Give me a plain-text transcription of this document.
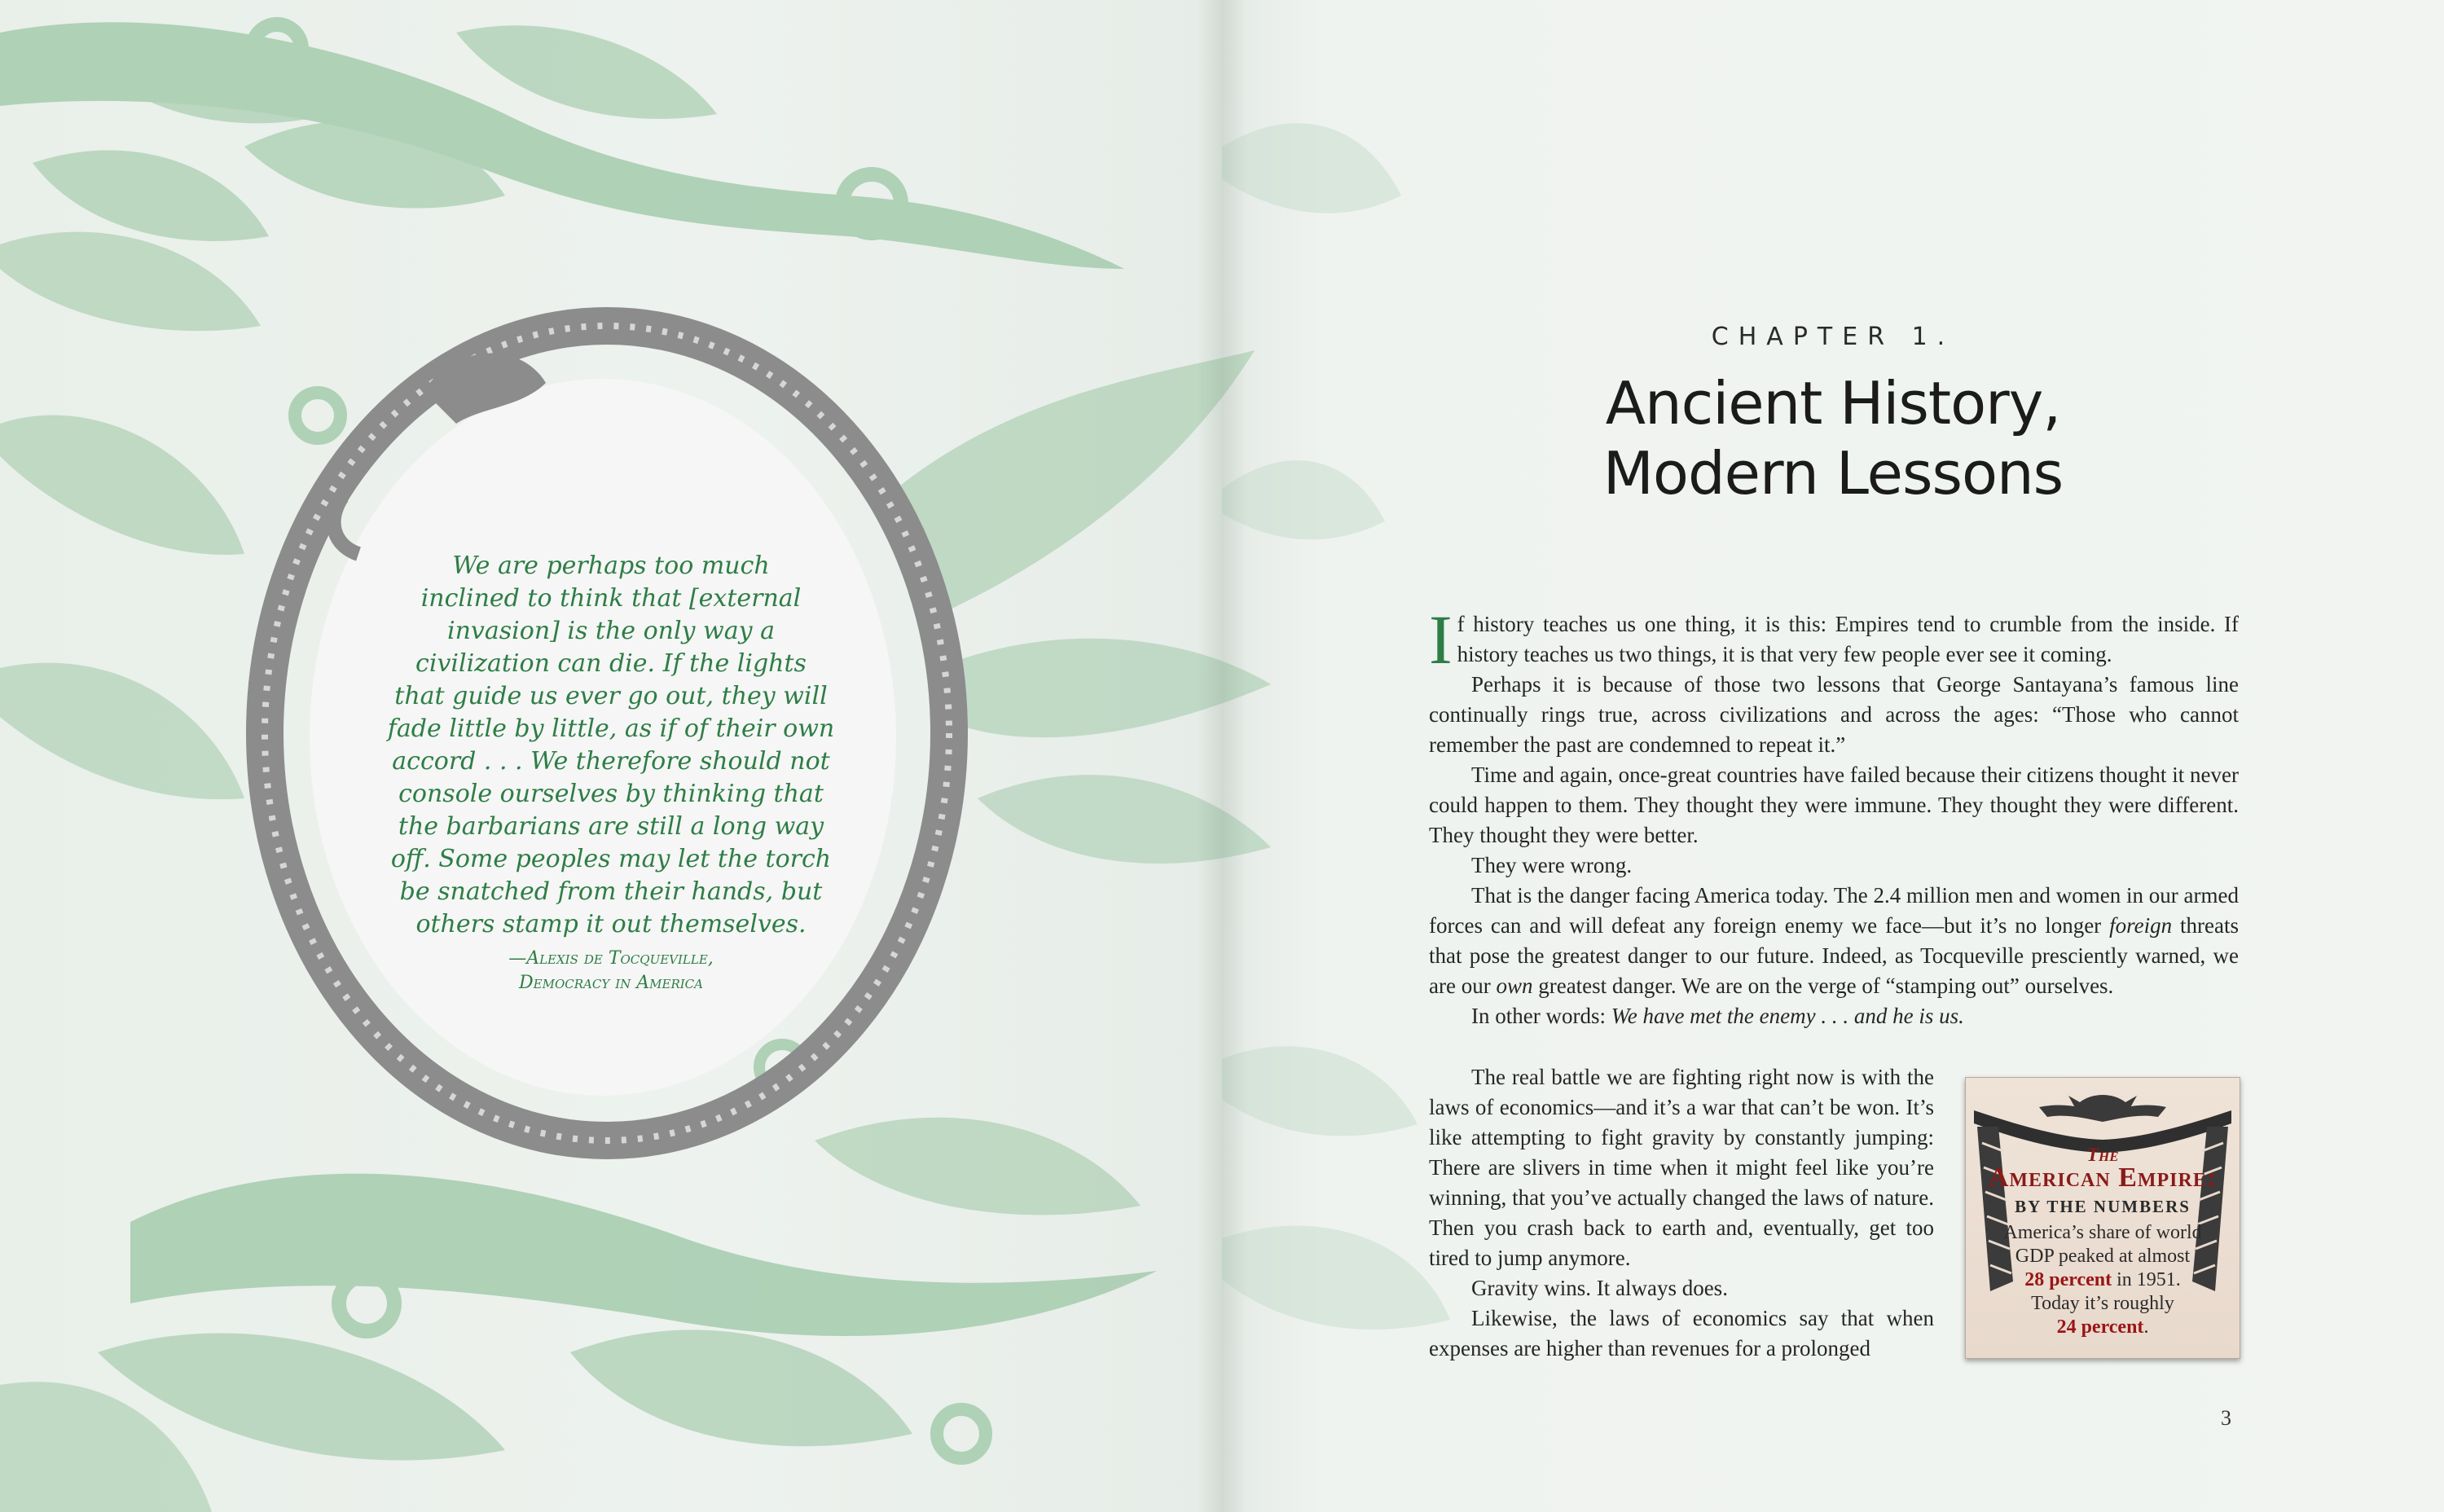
We are perhaps too much
inclined to think that [external
invasion] is the only way a
civilization can die. If the lights
that guide us ever go out, they will
fade little by little, as if of their own
accord . . . We therefore should not
console ourselves by thinking that
the barbarians are still a long way
off. Some peoples may let the torch
be snatched from their hands, but
others stamp it out themselves.
—Alexis de Tocqueville,
Democracy in America
CHAPTER 1.
Ancient History,
Modern Lessons

If history teaches us one thing, it is this: Empires tend to crumble from the inside. If history teaches us two things, it is that very few people ever see it coming.

Perhaps it is because of those two lessons that George Santayana’s famous line continually rings true, across civilizations and across the ages: “Those who cannot remember the past are condemned to repeat it.”

Time and again, once-great countries have failed because their citizens thought it never could happen to them. They thought they were immune. They thought they were different. They thought they were better.

They were wrong.

That is the danger facing America today. The 2.4 million men and women in our armed forces can and will defeat any foreign enemy we face—but it’s no longer foreign threats that pose the greatest danger to our future. Indeed, as Tocqueville presciently warned, we are our own greatest danger. We are on the verge of “stamping out” ourselves.

In other words: We have met the enemy . . . and he is us.

The real battle we are fighting right now is with the laws of economics—and it’s a war that can’t be won. It’s like attempting to fight gravity by constantly jumping: There are slivers in time when it might feel like you’re winning, that you’ve actually changed the laws of nature. Then you crash back to earth and, eventually, get too tired to jump anymore.

Gravity wins. It always does.

Likewise, the laws of economics say that when expenses are higher than revenues for a prolonged

The
American Empire:
BY THE NUMBERS
America’s share of world
GDP peaked at almost
28 percent in 1951.
Today it’s roughly
24 percent.
3
